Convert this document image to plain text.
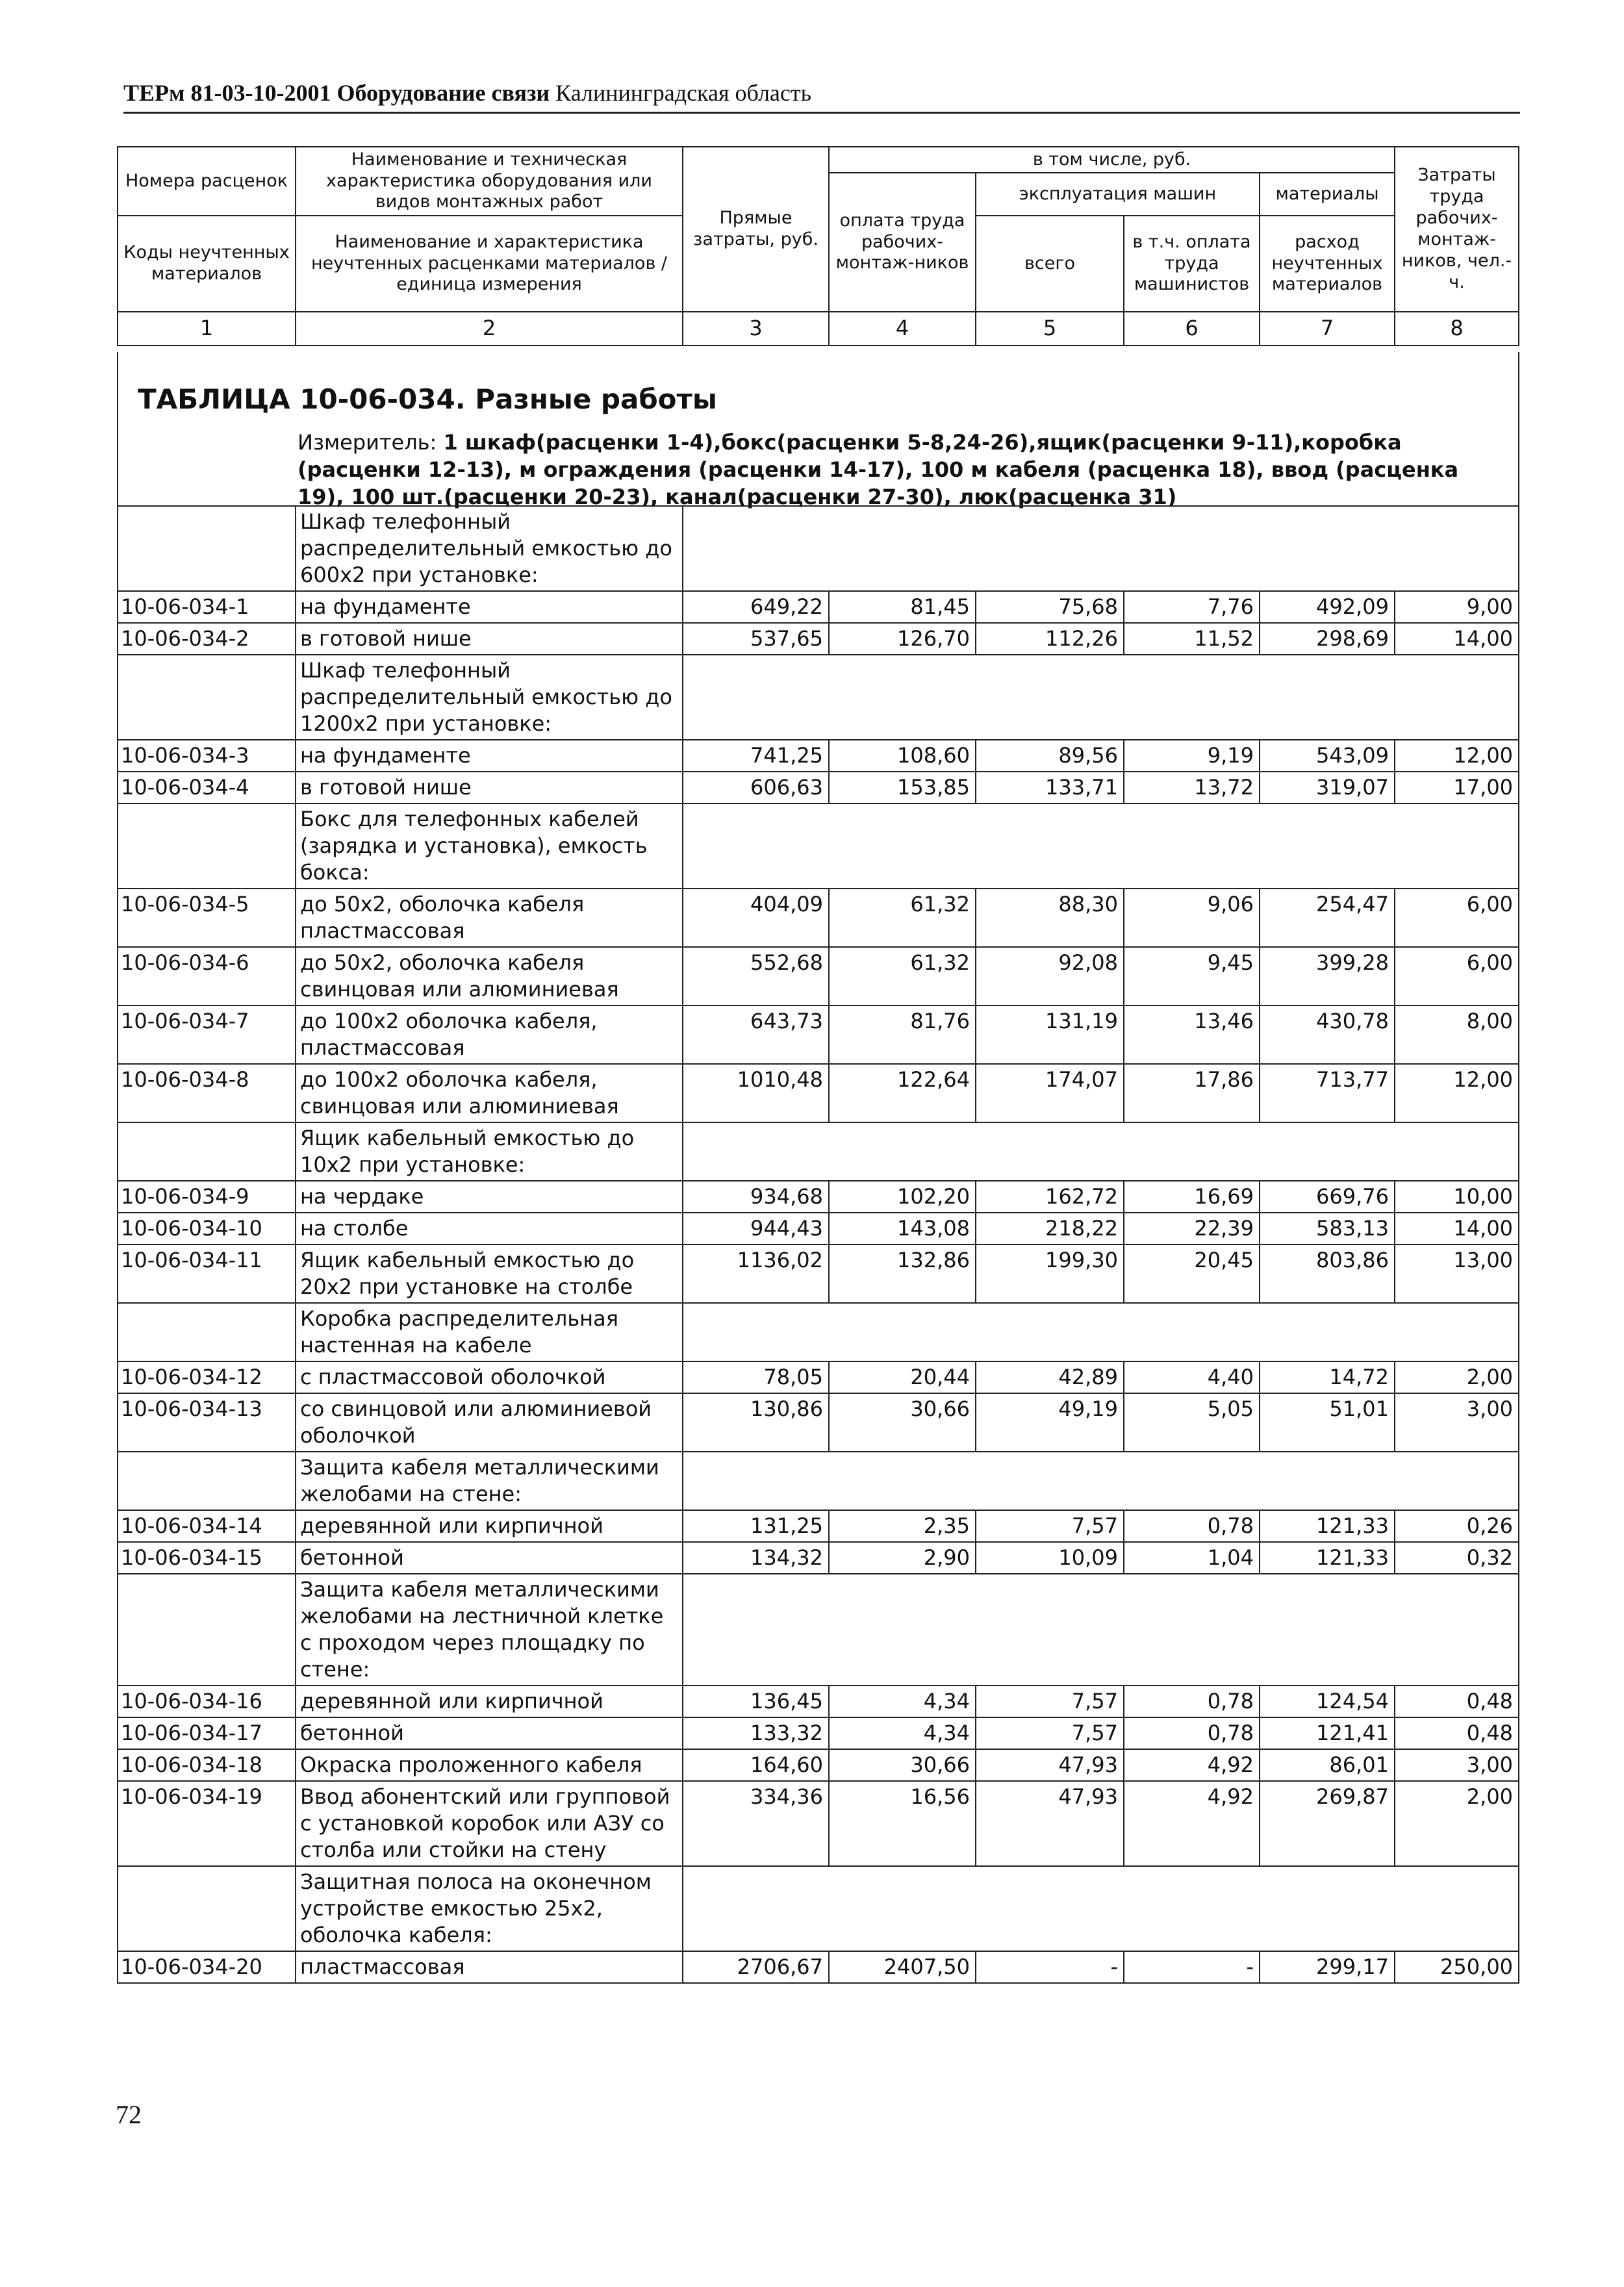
ТЕРм 81-03-10-2001 Оборудование связи Калининградская область
Номера расценок	Наименование и техническая характеристика оборудования или видов монтажных работ	Прямые затраты, руб.	в том числе, руб.				Затраты труда рабочих-монтаж-ников, чел.-ч.
			оплата труда рабочих-монтаж-ников	эксплуатация машин		материалы	
Коды неучтенных материалов	Наименование и характеристика неучтенных расценками материалов / единица измерения			всего	в т.ч. оплата труда машинистов	расход неучтенных материалов	

1	2	3	4	5	6	7	8
ТАБЛИЦА 10-06-034. Разные работы
Измеритель: 1 шкаф(расценки 1-4),бокс(расценки 5-8,24-26),ящик(расценки 9-11),коробка (расценки 12-13), м ограждения (расценки 14-17), 100 м кабеля (расценка 18), ввод (расценка 19), 100 шт.(расценки 20-23), канал(расценки 27-30), люк(расценка 31)
	Шкаф телефонный распределительный емкостью до 600х2 при установке:						
10-06-034-1	на фундаменте	649,22	81,45	75,68	7,76	492,09	9,00
10-06-034-2	в готовой нише	537,65	126,70	112,26	11,52	298,69	14,00
	Шкаф телефонный распределительный емкостью до 1200х2 при установке:						
10-06-034-3	на фундаменте	741,25	108,60	89,56	9,19	543,09	12,00
10-06-034-4	в готовой нише	606,63	153,85	133,71	13,72	319,07	17,00
	Бокс для телефонных кабелей (зарядка и установка), емкость бокса:						
10-06-034-5	до 50х2, оболочка кабеля пластмассовая	404,09	61,32	88,30	9,06	254,47	6,00
10-06-034-6	до 50х2, оболочка кабеля свинцовая или алюминиевая	552,68	61,32	92,08	9,45	399,28	6,00
10-06-034-7	до 100х2 оболочка кабеля, пластмассовая	643,73	81,76	131,19	13,46	430,78	8,00
10-06-034-8	до 100х2 оболочка кабеля, свинцовая или алюминиевая	1010,48	122,64	174,07	17,86	713,77	12,00
	Ящик кабельный емкостью до 10х2 при установке:						
10-06-034-9	на чердаке	934,68	102,20	162,72	16,69	669,76	10,00
10-06-034-10	на столбе	944,43	143,08	218,22	22,39	583,13	14,00
10-06-034-11	Ящик кабельный емкостью до 20х2 при установке на столбе	1136,02	132,86	199,30	20,45	803,86	13,00
	Коробка распределительная настенная на кабеле						
10-06-034-12	с пластмассовой оболочкой	78,05	20,44	42,89	4,40	14,72	2,00
10-06-034-13	со свинцовой или алюминиевой оболочкой	130,86	30,66	49,19	5,05	51,01	3,00
	Защита кабеля металлическими желобами на стене:						
10-06-034-14	деревянной или кирпичной	131,25	2,35	7,57	0,78	121,33	0,26
10-06-034-15	бетонной	134,32	2,90	10,09	1,04	121,33	0,32
	Защита кабеля металлическими желобами на лестничной клетке с проходом через площадку по стене:						
10-06-034-16	деревянной или кирпичной	136,45	4,34	7,57	0,78	124,54	0,48
10-06-034-17	бетонной	133,32	4,34	7,57	0,78	121,41	0,48
10-06-034-18	Окраска проложенного кабеля	164,60	30,66	47,93	4,92	86,01	3,00
10-06-034-19	Ввод абонентский или групповой с установкой коробок или АЗУ со столба или стойки на стену	334,36	16,56	47,93	4,92	269,87	2,00
	Защитная полоса на оконечном устройстве емкостью 25х2, оболочка кабеля:						
10-06-034-20	пластмассовая	2706,67	2407,50	-	-	299,17	250,00
72
